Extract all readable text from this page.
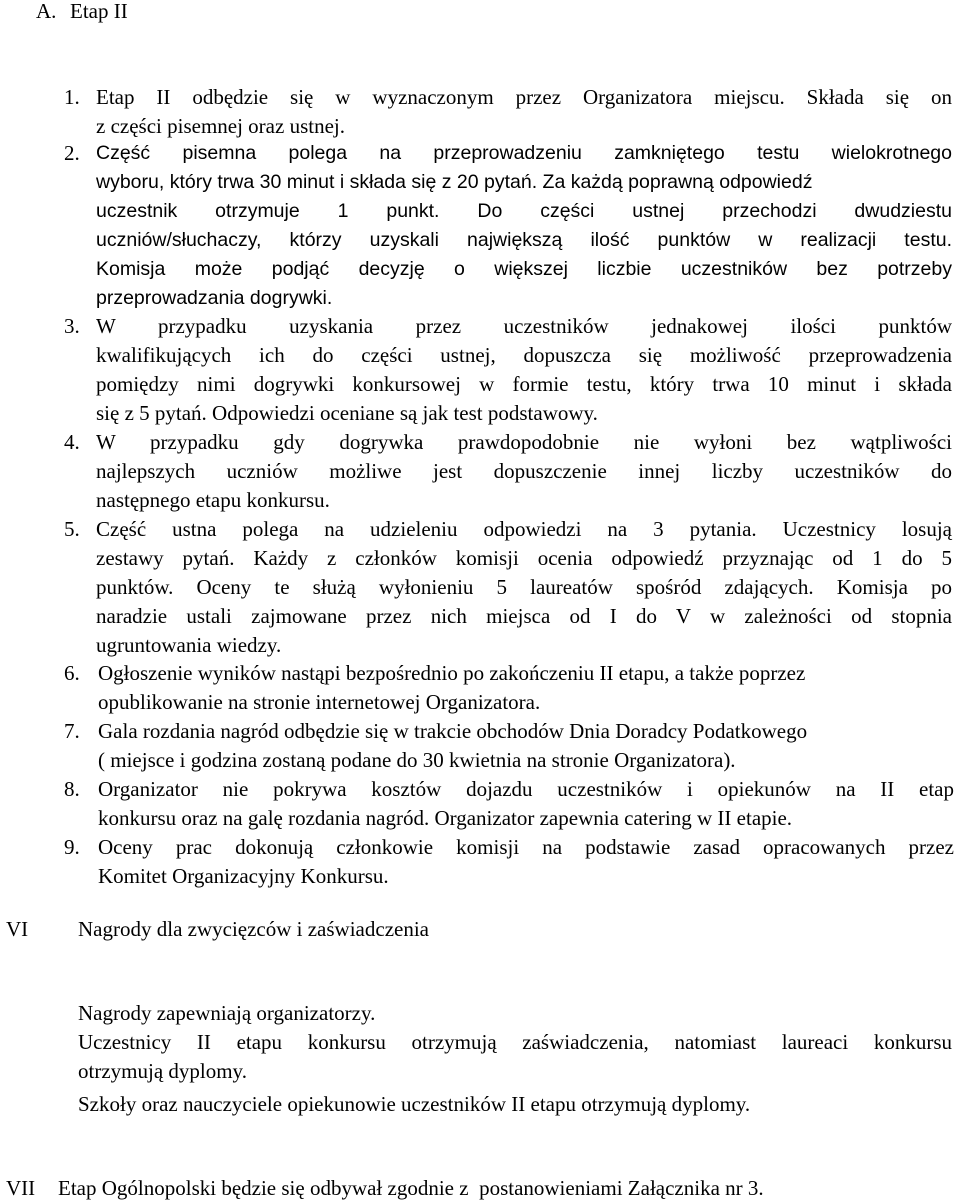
A. Etap II
1. Etap II odbędzie się w wyznaczonym przez Organizatora miejscu. Składa się on
z części pisemnej oraz ustnej.
2. Część pisemna polega na przeprowadzeniu zamkniętego testu wielokrotnego
wyboru, który trwa 30 minut i składa się z 20 pytań. Za każdą poprawną odpowiedź
uczestnik otrzymuje 1 punkt. Do części ustnej przechodzi dwudziestu
uczniów/słuchaczy, którzy uzyskali największą ilość punktów w realizacji testu.
Komisja może podjąć decyzję o większej liczbie uczestników bez potrzeby
przeprowadzania dogrywki.
3. W przypadku uzyskania przez uczestników jednakowej ilości punktów
kwalifikujących ich do części ustnej, dopuszcza się możliwość przeprowadzenia
pomiędzy nimi dogrywki konkursowej w formie testu, który trwa 10 minut i składa
się z 5 pytań. Odpowiedzi oceniane są jak test podstawowy.
4. W przypadku gdy dogrywka prawdopodobnie nie wyłoni bez wątpliwości
najlepszych uczniów możliwe jest dopuszczenie innej liczby uczestników do
następnego etapu konkursu.
5. Część ustna polega na udzieleniu odpowiedzi na 3 pytania. Uczestnicy losują
zestawy pytań. Każdy z członków komisji ocenia odpowiedź przyznając od 1 do 5
punktów. Oceny te służą wyłonieniu 5 laureatów spośród zdających. Komisja po
naradzie ustali zajmowane przez nich miejsca od I do V w zależności od stopnia
ugruntowania wiedzy.
6. Ogłoszenie wyników nastąpi bezpośrednio po zakończeniu II etapu, a także poprzez
opublikowanie na stronie internetowej Organizatora.
7. Gala rozdania nagród odbędzie się w trakcie obchodów Dnia Doradcy Podatkowego
( miejsce i godzina zostaną podane do 30 kwietnia na stronie Organizatora).
8. Organizator nie pokrywa kosztów dojazdu uczestników i opiekunów na II etap
konkursu oraz na galę rozdania nagród. Organizator zapewnia catering w II etapie.
9. Oceny prac dokonują członkowie komisji na podstawie zasad opracowanych przez
Komitet Organizacyjny Konkursu.
VI Nagrody dla zwycięzców i zaświadczenia
Nagrody zapewniają organizatorzy.
Uczestnicy II etapu konkursu otrzymują zaświadczenia, natomiast laureaci konkursu
otrzymują dyplomy.
Szkoły oraz nauczyciele opiekunowie uczestników II etapu otrzymują dyplomy.
VII Etap Ogólnopolski będzie się odbywał zgodnie z  postanowieniami Załącznika nr 3.
